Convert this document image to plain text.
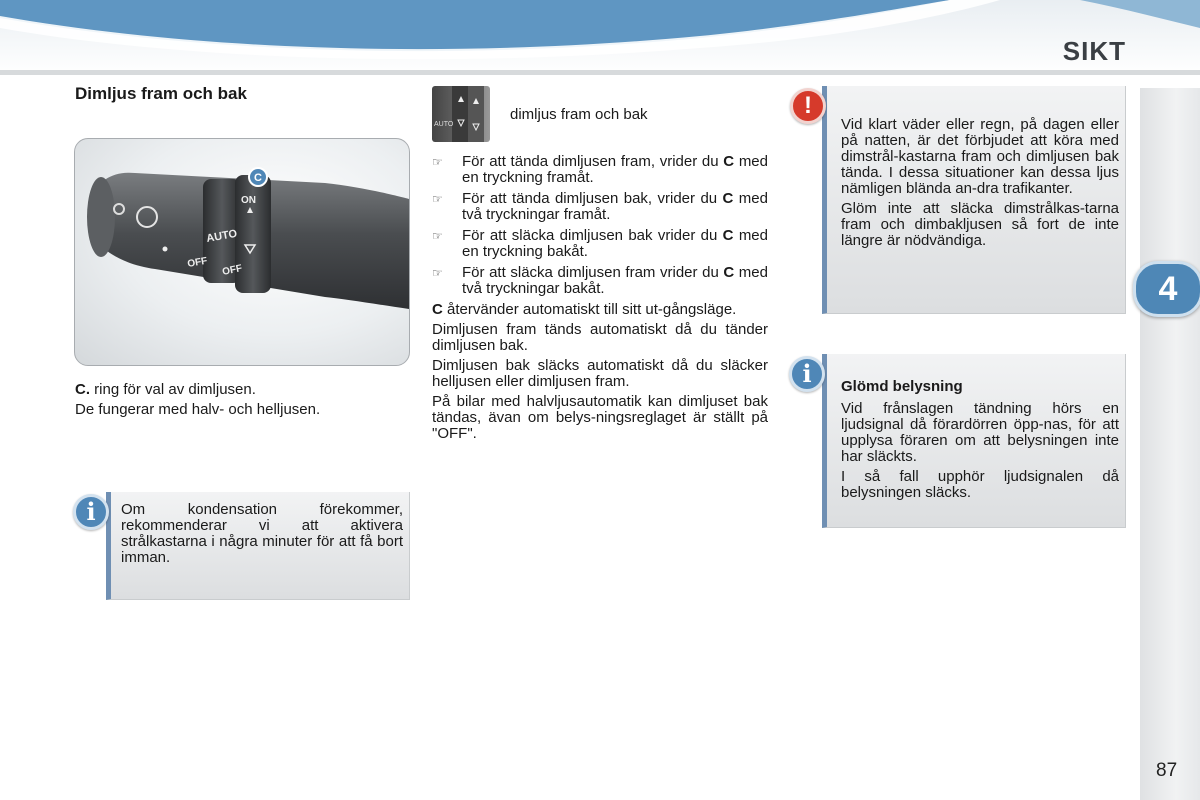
SIKT
4
Dimljus fram och bak
AUTO
OFF
ON
OFF
C

C. ring för val av dimljusen.

De fungerar med halv- och helljusen.

Om kondensation förekommer, rekommenderar vi att aktivera strålkastarna i några minuter för att få bort imman.
i
AUTO
dimljus fram och bak
☞ För att tända dimljusen fram, vrider du C med en tryckning framåt.
☞ För att tända dimljusen bak, vrider du C med två tryckningar framåt.
☞ För att släcka dimljusen bak vrider du C med en tryckning bakåt.
☞ För att släcka dimljusen fram vrider du C med två tryckningar bakåt.

C återvänder automatiskt till sitt ut-gångsläge.

Dimljusen fram tänds automatiskt då du tänder dimljusen bak.

Dimljusen bak släcks automatiskt då du släcker helljusen eller dimljusen fram.

På bilar med halvljusautomatik kan dimljuset bak tändas, ävan om belys-ningsreglaget är ställt på "OFF".

Vid klart väder eller regn, på dagen eller på natten, är det förbjudet att köra med dimstrål-kastarna fram och dimljusen bak tända. I dessa situationer kan dessa ljus nämligen blända an-dra trafikanter.

Glöm inte att släcka dimstrålkas-tarna fram och dimbakljusen så fort de inte längre är nödvändiga.

!

Glömd belysning

Vid frånslagen tändning hörs en ljudsignal då förardörren öpp-nas, för att upplysa föraren om att belysningen inte har släckts.

I så fall upphör ljudsignalen då belysningen släcks.

i
87
